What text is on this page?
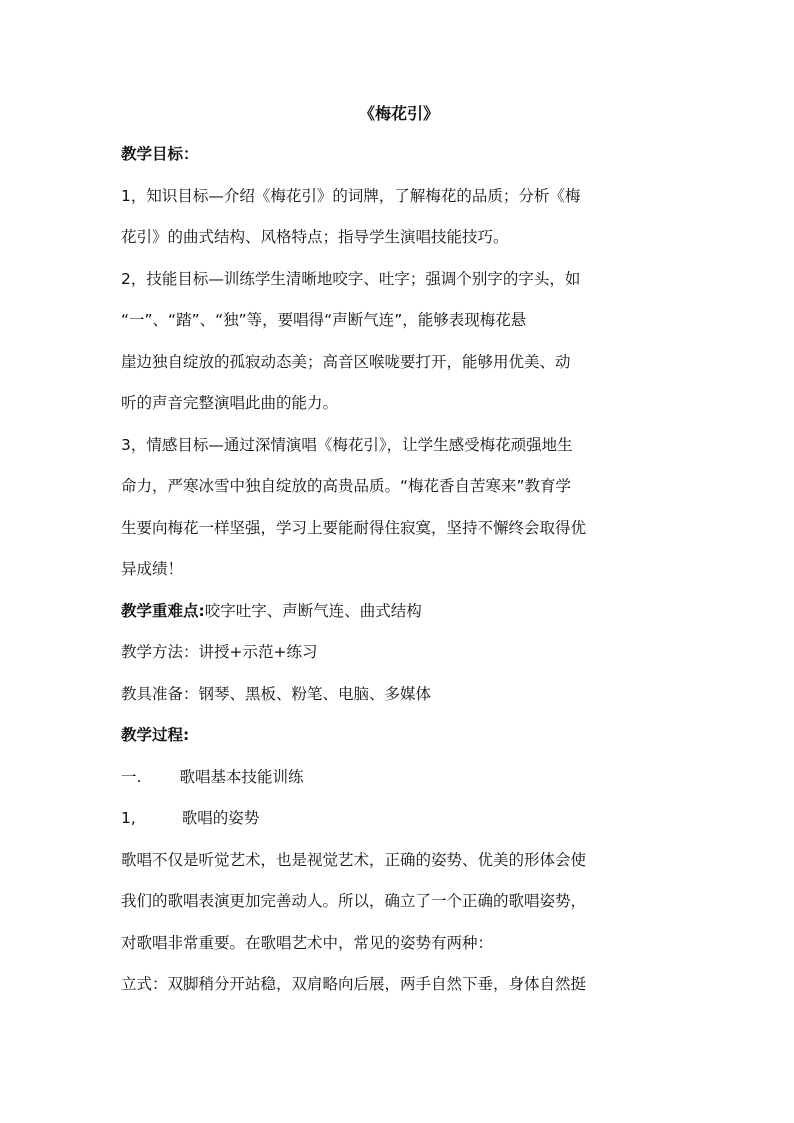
《梅花引》

教学目标：

1，知识目标—介绍《梅花引》的词牌，了解梅花的品质；分析《梅
花引》的曲式结构、风格特点；指导学生演唱技能技巧。

2，技能目标—训练学生清晰地咬字、吐字；强调个别字的字头，如
“一”、“踏”、“独”等，要唱得“声断气连”，能够表现梅花悬
崖边独自绽放的孤寂动态美；高音区喉咙要打开，能够用优美、动
听的声音完整演唱此曲的能力。

3，情感目标—通过深情演唱《梅花引》，让学生感受梅花顽强地生
命力，严寒冰雪中独自绽放的高贵品质。“梅花香自苦寒来”教育学
生要向梅花一样坚强，学习上要能耐得住寂寞，坚持不懈终会取得优
异成绩！

教学重难点:咬字吐字、声断气连、曲式结构

教学方法：讲授+示范+练习

教具准备：钢琴、黑板、粉笔、电脑、多媒体

教学过程:

一. 歌唱基本技能训练

1,	歌唱的姿势

歌唱不仅是听觉艺术，也是视觉艺术，正确的姿势、优美的形体会使
我们的歌唱表演更加完善动人。所以，确立了一个正确的歌唱姿势，
对歌唱非常重要。在歌唱艺术中，常见的姿势有两种：

立式：双脚稍分开站稳，双肩略向后展，两手自然下垂，身体自然挺
